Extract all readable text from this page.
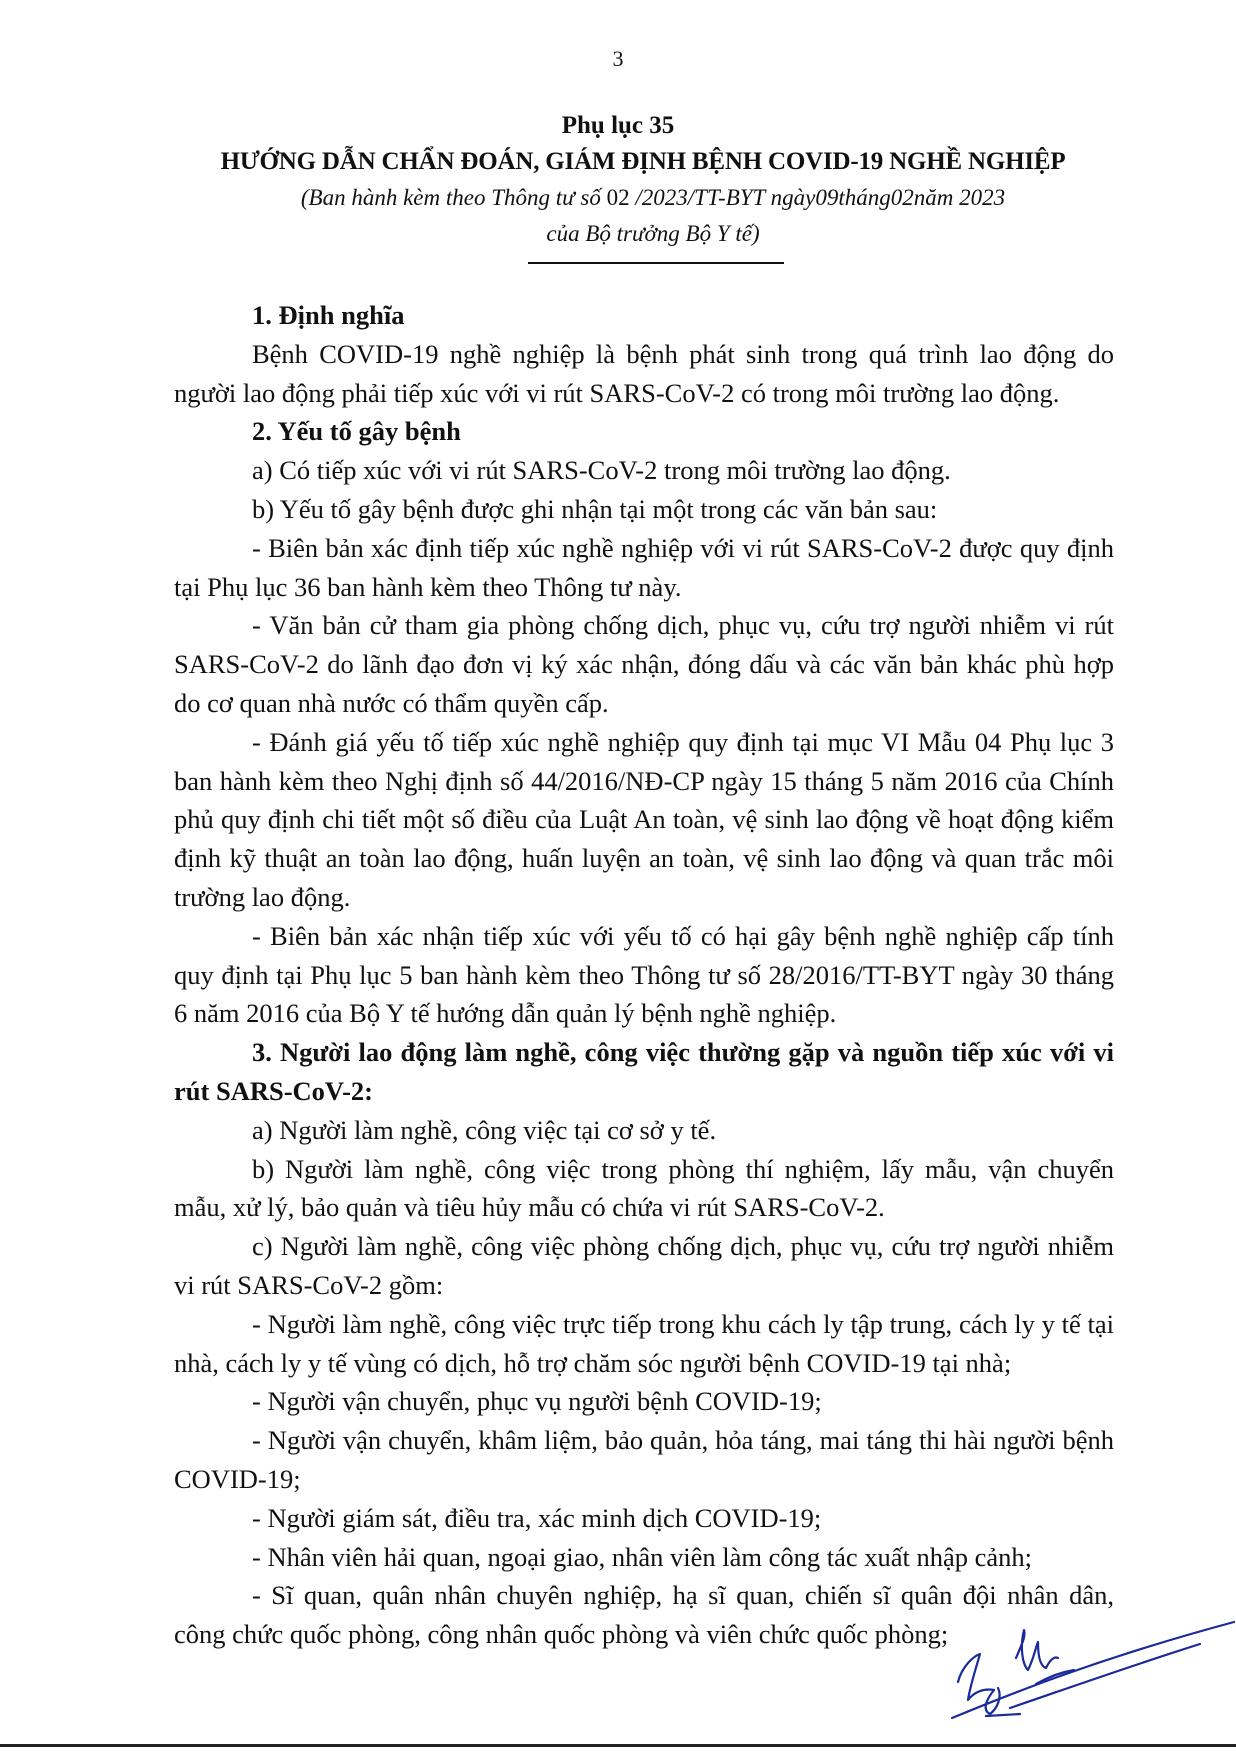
3
Phụ lục 35
HƯỚNG DẪN CHẨN ĐOÁN, GIÁM ĐỊNH BỆNH COVID-19 NGHỀ NGHIỆP
(Ban hành kèm theo Thông tư số 02 /2023/TT-BYT ngày09tháng02năm 2023
của Bộ trưởng Bộ Y tế)

1. Định nghĩa

Bệnh COVID-19 nghề nghiệp là bệnh phát sinh trong quá trình lao động do người lao động phải tiếp xúc với vi rút SARS-CoV-2 có trong môi trường lao động.

2. Yếu tố gây bệnh

a) Có tiếp xúc với vi rút SARS-CoV-2 trong môi trường lao động.

b) Yếu tố gây bệnh được ghi nhận tại một trong các văn bản sau:

- Biên bản xác định tiếp xúc nghề nghiệp với vi rút SARS-CoV-2 được quy định tại Phụ lục 36 ban hành kèm theo Thông tư này.

- Văn bản cử tham gia phòng chống dịch, phục vụ, cứu trợ người nhiễm vi rút SARS-CoV-2 do lãnh đạo đơn vị ký xác nhận, đóng dấu và các văn bản khác phù hợp do cơ quan nhà nước có thẩm quyền cấp.

- Đánh giá yếu tố tiếp xúc nghề nghiệp quy định tại mục VI Mẫu 04 Phụ lục 3 ban hành kèm theo Nghị định số 44/2016/NĐ-CP ngày 15 tháng 5 năm 2016 của Chính phủ quy định chi tiết một số điều của Luật An toàn, vệ sinh lao động về hoạt động kiểm định kỹ thuật an toàn lao động, huấn luyện an toàn, vệ sinh lao động và quan trắc môi trường lao động.

- Biên bản xác nhận tiếp xúc với yếu tố có hại gây bệnh nghề nghiệp cấp tính quy định tại Phụ lục 5 ban hành kèm theo Thông tư số 28/2016/TT-BYT ngày 30 tháng 6 năm 2016 của Bộ Y tế hướng dẫn quản lý bệnh nghề nghiệp.

3. Người lao động làm nghề, công việc thường gặp và nguồn tiếp xúc với vi rút SARS-CoV-2:

a) Người làm nghề, công việc tại cơ sở y tế.

b) Người làm nghề, công việc trong phòng thí nghiệm, lấy mẫu, vận chuyển mẫu, xử lý, bảo quản và tiêu hủy mẫu có chứa vi rút SARS-CoV-2.

c) Người làm nghề, công việc phòng chống dịch, phục vụ, cứu trợ người nhiễm vi rút SARS-CoV-2 gồm:

- Người làm nghề, công việc trực tiếp trong khu cách ly tập trung, cách ly y tế tại nhà, cách ly y tế vùng có dịch, hỗ trợ chăm sóc người bệnh COVID-19 tại nhà;

- Người vận chuyển, phục vụ người bệnh COVID-19;

- Người vận chuyển, khâm liệm, bảo quản, hỏa táng, mai táng thi hài người bệnh COVID-19;

- Người giám sát, điều tra, xác minh dịch COVID-19;

- Nhân viên hải quan, ngoại giao, nhân viên làm công tác xuất nhập cảnh;

- Sĩ quan, quân nhân chuyên nghiệp, hạ sĩ quan, chiến sĩ quân đội nhân dân, công chức quốc phòng, công nhân quốc phòng và viên chức quốc phòng;
